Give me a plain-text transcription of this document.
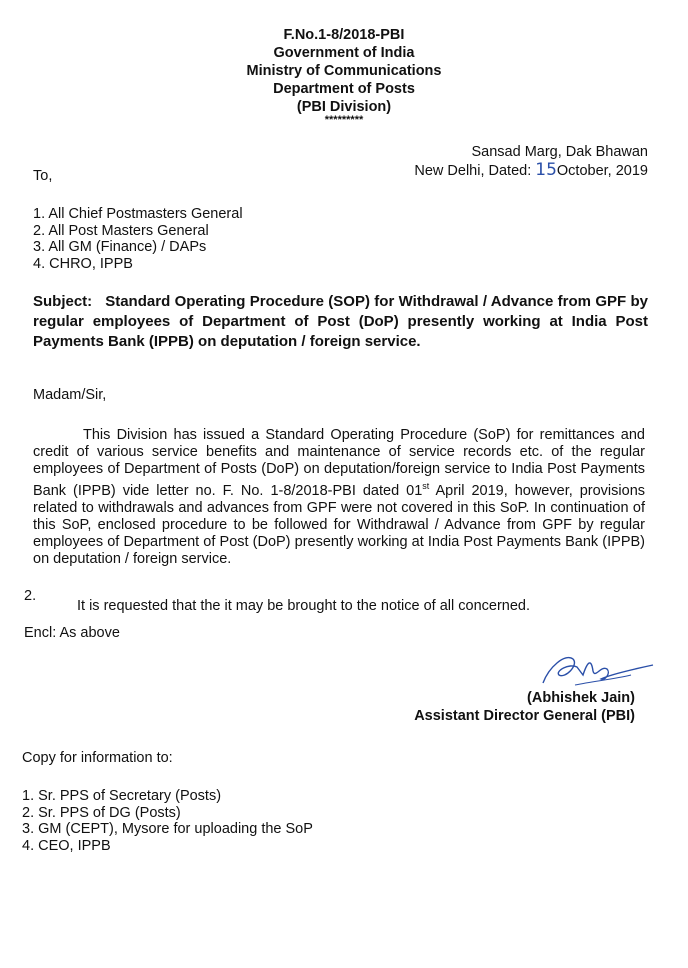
F.No.1-8/2018-PBI
Government of India
Ministry of Communications
Department of Posts
(PBI Division)
*********
Sansad Marg, Dak Bhawan
New Delhi, Dated: 15October, 2019
To,
1. All Chief Postmasters General
2. All Post Masters General
3. All GM (Finance) / DAPs
4. CHRO, IPPB
Subject: Standard Operating Procedure (SOP) for Withdrawal / Advance from GPF by regular employees of Department of Post (DoP) presently working at India Post Payments Bank (IPPB) on deputation / foreign service.
Madam/Sir,
This Division has issued a Standard Operating Procedure (SoP) for remittances and credit of various service benefits and maintenance of service records etc. of the regular employees of Department of Posts (DoP) on deputation/foreign service to India Post Payments Bank (IPPB) vide letter no. F. No. 1-8/2018-PBI dated 01st April 2019, however, provisions related to withdrawals and advances from GPF were not covered in this SoP. In continuation of this SoP, enclosed procedure to be followed for Withdrawal / Advance from GPF by regular employees of Department of Post (DoP) presently working at India Post Payments Bank (IPPB) on deputation / foreign service.
2.
It is requested that the it may be brought to the notice of all concerned.
Encl: As above
(Abhishek Jain)
Assistant Director General (PBI)
Copy for information to:
1. Sr. PPS of Secretary (Posts)
2. Sr. PPS of DG (Posts)
3. GM (CEPT), Mysore for uploading the SoP
4. CEO, IPPB
